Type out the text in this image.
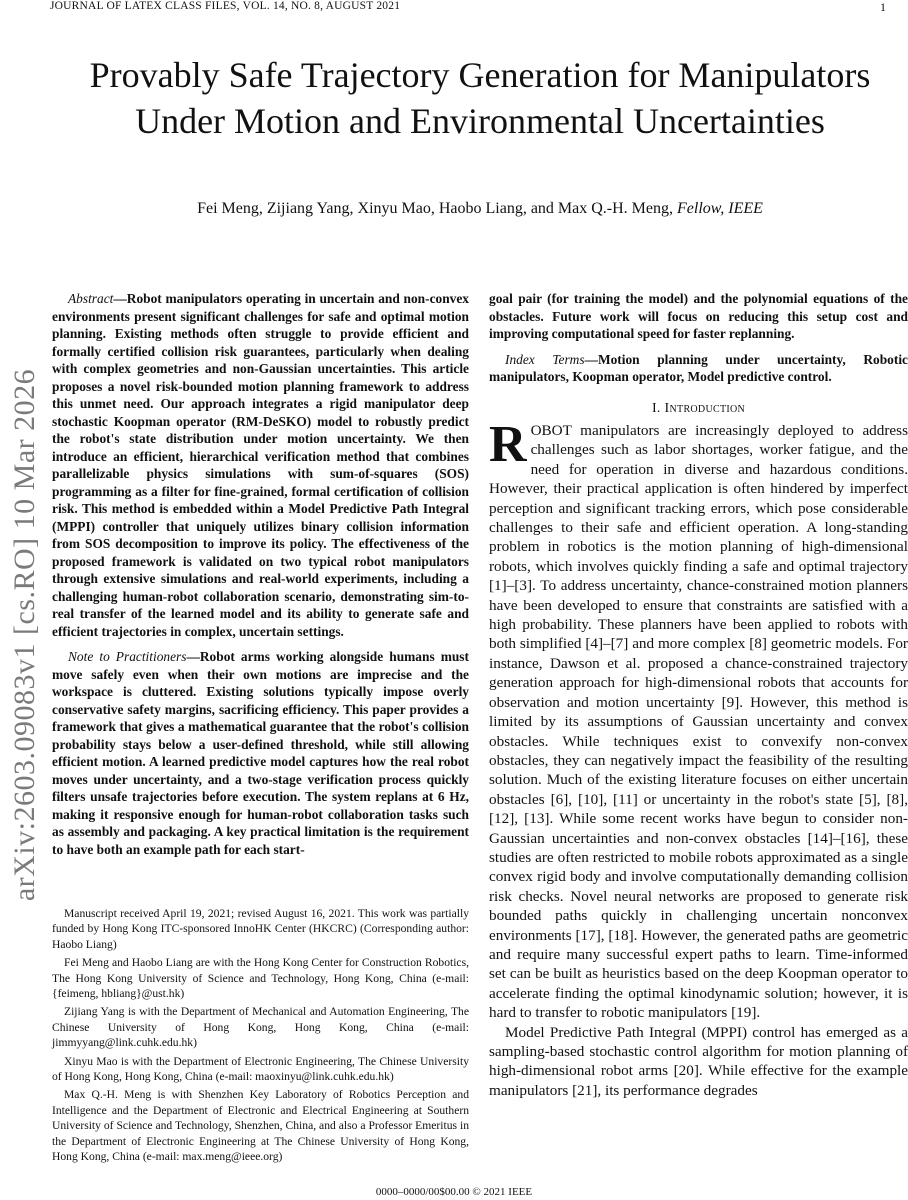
JOURNAL OF LATEX CLASS FILES, VOL. 14, NO. 8, AUGUST 2021	1
Provably Safe Trajectory Generation for Manipulators Under Motion and Environmental Uncertainties
Fei Meng, Zijiang Yang, Xinyu Mao, Haobo Liang, and Max Q.-H. Meng, Fellow, IEEE
arXiv:2603.09083v1 [cs.RO] 10 Mar 2026

Abstract—Robot manipulators operating in uncertain and non-convex environments present significant challenges for safe and optimal motion planning. Existing methods often struggle to provide efficient and formally certified collision risk guarantees, particularly when dealing with complex geometries and non-Gaussian uncertainties. This article proposes a novel risk-bounded motion planning framework to address this unmet need. Our approach integrates a rigid manipulator deep stochastic Koopman operator (RM-DeSKO) model to robustly predict the robot's state distribution under motion uncertainty. We then introduce an efficient, hierarchical verification method that combines parallelizable physics simulations with sum-of-squares (SOS) programming as a filter for fine-grained, formal certification of collision risk. This method is embedded within a Model Predictive Path Integral (MPPI) controller that uniquely utilizes binary collision information from SOS decomposition to improve its policy. The effectiveness of the proposed framework is validated on two typical robot manipulators through extensive simulations and real-world experiments, including a challenging human-robot collaboration scenario, demonstrating sim-to-real transfer of the learned model and its ability to generate safe and efficient trajectories in complex, uncertain settings.

Note to Practitioners—Robot arms working alongside humans must move safely even when their own motions are imprecise and the workspace is cluttered. Existing solutions typically impose overly conservative safety margins, sacrificing efficiency. This paper provides a framework that gives a mathematical guarantee that the robot's collision probability stays below a user-defined threshold, while still allowing efficient motion. A learned predictive model captures how the real robot moves under uncertainty, and a two-stage verification process quickly filters unsafe trajectories before execution. The system replans at 6 Hz, making it responsive enough for human-robot collaboration tasks such as assembly and packaging. A key practical limitation is the requirement to have both an example path for each start-

Manuscript received April 19, 2021; revised August 16, 2021. This work was partially funded by Hong Kong ITC-sponsored InnoHK Center (HKCRC) (Corresponding author: Haobo Liang)

Fei Meng and Haobo Liang are with the Hong Kong Center for Construction Robotics, The Hong Kong University of Science and Technology, Hong Kong, China (e-mail: {feimeng, hbliang}@ust.hk)

Zijiang Yang is with the Department of Mechanical and Automation Engineering, The Chinese University of Hong Kong, Hong Kong, China (e-mail: jimmyyang@link.cuhk.edu.hk)

Xinyu Mao is with the Department of Electronic Engineering, The Chinese University of Hong Kong, Hong Kong, China (e-mail: maoxinyu@link.cuhk.edu.hk)

Max Q.-H. Meng is with Shenzhen Key Laboratory of Robotics Perception and Intelligence and the Department of Electronic and Electrical Engineering at Southern University of Science and Technology, Shenzhen, China, and also a Professor Emeritus in the Department of Electronic Engineering at The Chinese University of Hong Kong, Hong Kong, China (e-mail: max.meng@ieee.org)

goal pair (for training the model) and the polynomial equations of the obstacles. Future work will focus on reducing this setup cost and improving computational speed for faster replanning.

Index Terms—Motion planning under uncertainty, Robotic manipulators, Koopman operator, Model predictive control.

I. Introduction

ROBOT manipulators are increasingly deployed to address challenges such as labor shortages, worker fatigue, and the need for operation in diverse and hazardous conditions. However, their practical application is often hindered by imperfect perception and significant tracking errors, which pose considerable challenges to their safe and efficient operation. A long-standing problem in robotics is the motion planning of high-dimensional robots, which involves quickly finding a safe and optimal trajectory [1]–[3]. To address uncertainty, chance-constrained motion planners have been developed to ensure that constraints are satisfied with a high probability. These planners have been applied to robots with both simplified [4]–[7] and more complex [8] geometric models. For instance, Dawson et al. proposed a chance-constrained trajectory generation approach for high-dimensional robots that accounts for observation and motion uncertainty [9]. However, this method is limited by its assumptions of Gaussian uncertainty and convex obstacles. While techniques exist to convexify non-convex obstacles, they can negatively impact the feasibility of the resulting solution. Much of the existing literature focuses on either uncertain obstacles [6], [10], [11] or uncertainty in the robot's state [5], [8], [12], [13]. While some recent works have begun to consider non-Gaussian uncertainties and non-convex obstacles [14]–[16], these studies are often restricted to mobile robots approximated as a single convex rigid body and involve computationally demanding collision risk checks. Novel neural networks are proposed to generate risk bounded paths quickly in challenging uncertain nonconvex environments [17], [18]. However, the generated paths are geometric and require many successful expert paths to learn. Time-informed set can be built as heuristics based on the deep Koopman operator to accelerate finding the optimal kinodynamic solution; however, it is hard to transfer to robotic manipulators [19].

Model Predictive Path Integral (MPPI) control has emerged as a sampling-based stochastic control algorithm for motion planning of high-dimensional robot arms [20]. While effective for the example manipulators [21], its performance degrades

0000–0000/00$00.00 © 2021 IEEE
